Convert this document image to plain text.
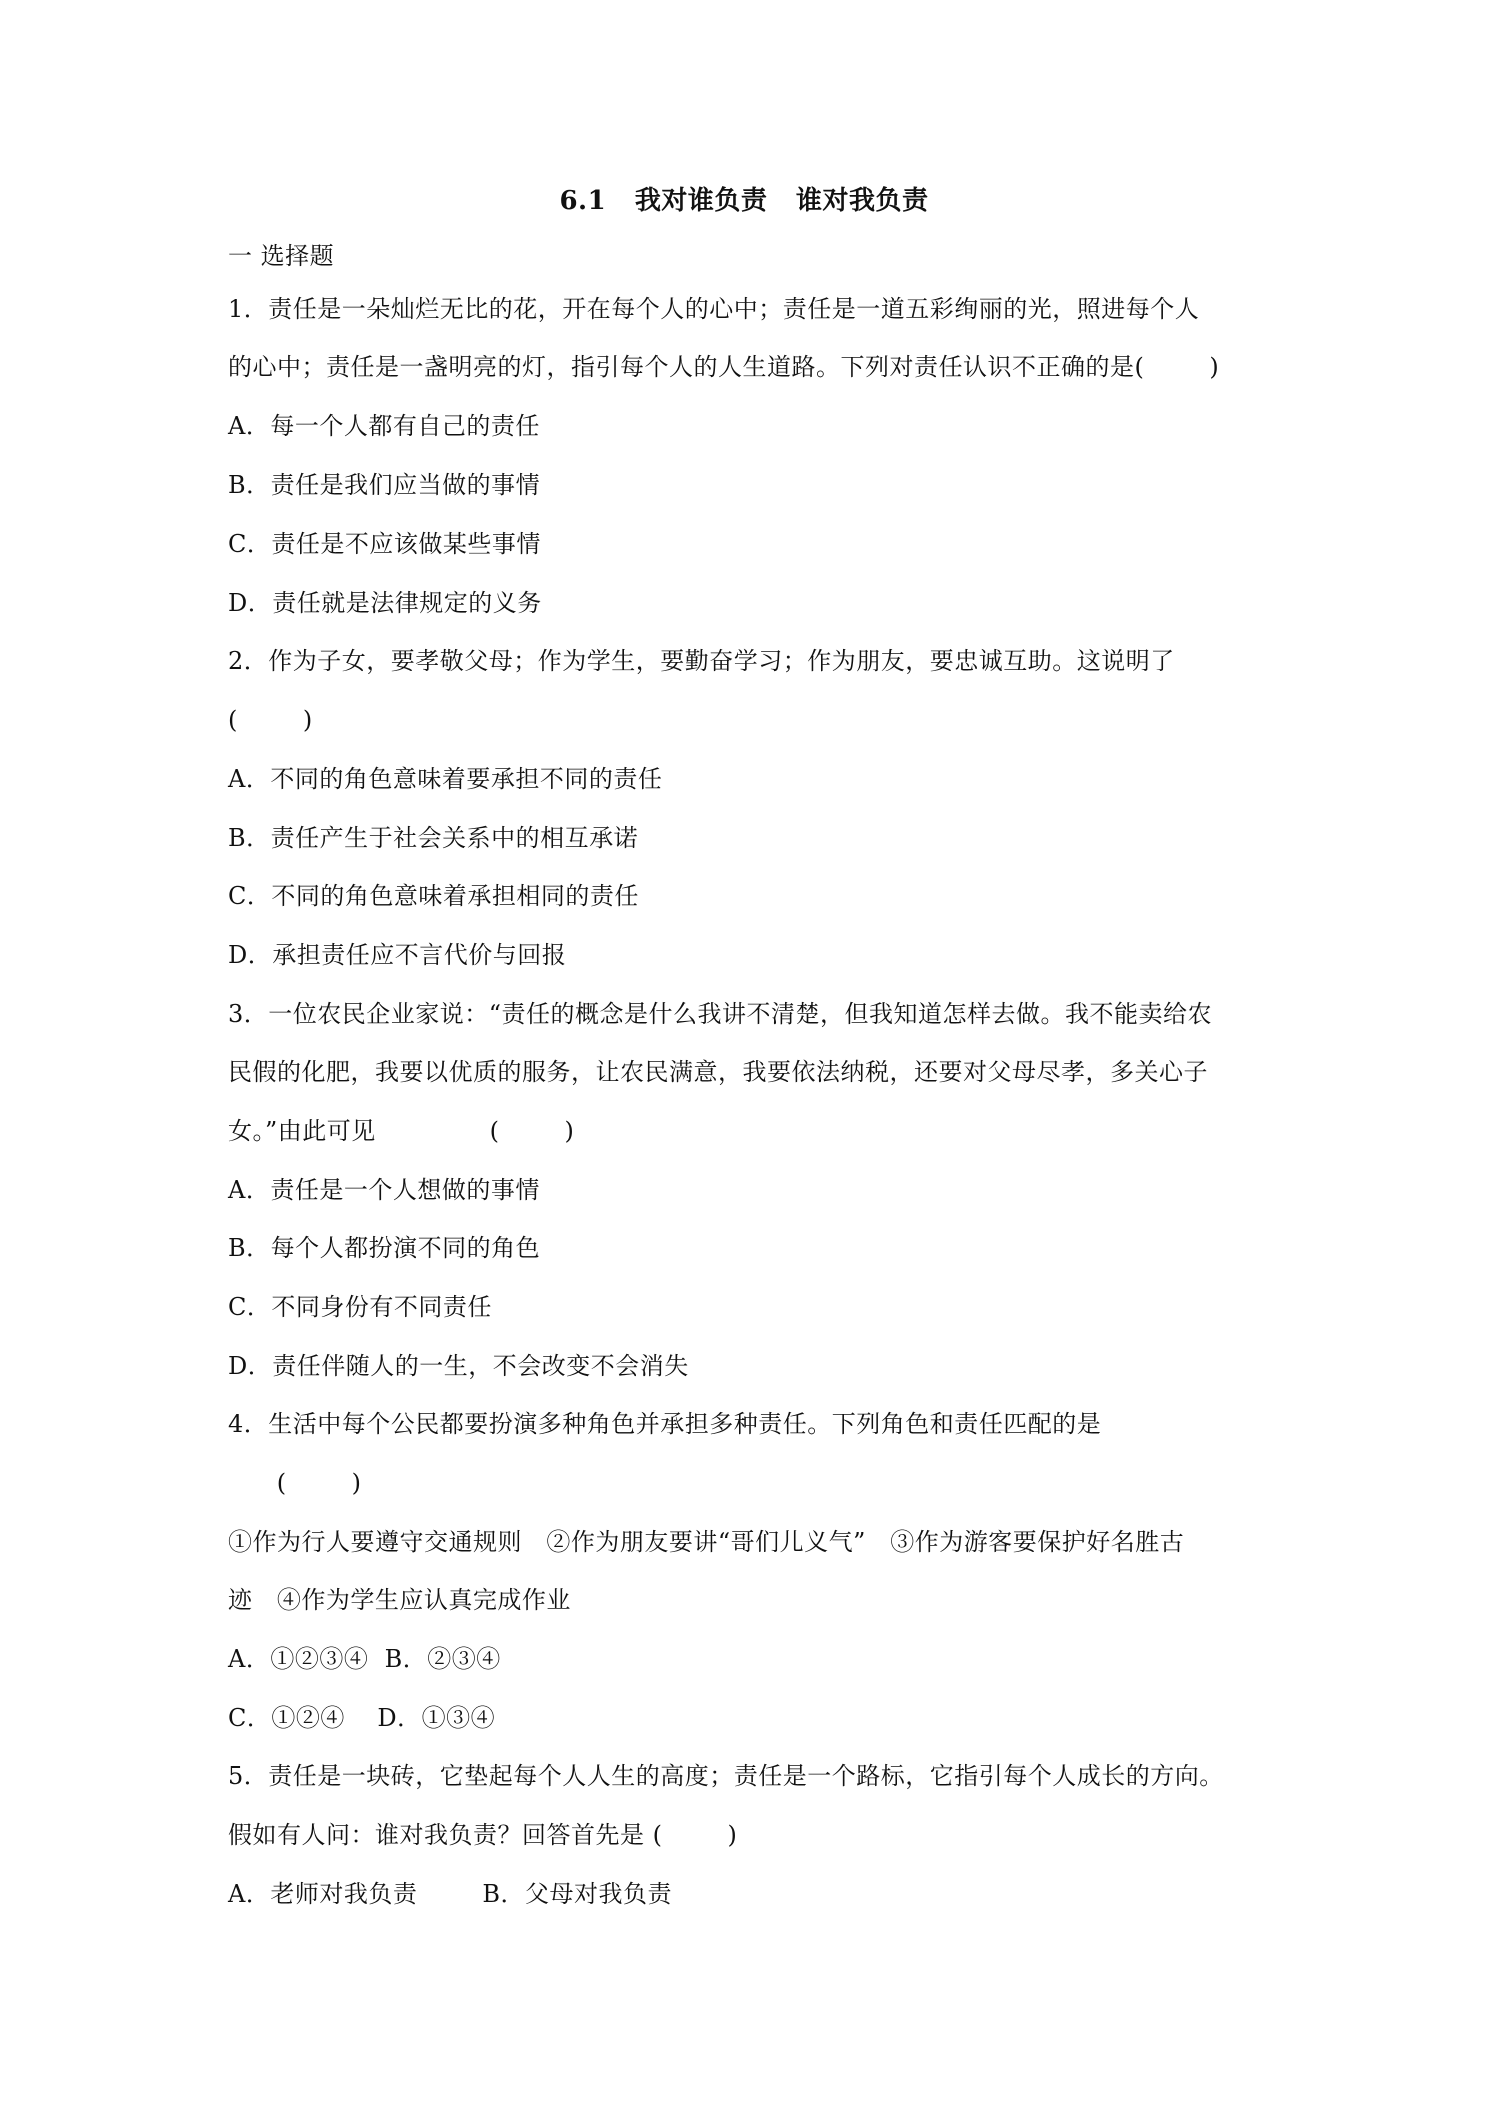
6.1   我对谁负责   谁对我负责
一 选择题
1．责任是一朵灿烂无比的花，开在每个人的心中；责任是一道五彩绚丽的光，照进每个人
的心中；责任是一盏明亮的灯，指引每个人的人生道路。下列对责任认识不正确的是(        )
A．每一个人都有自己的责任
B．责任是我们应当做的事情
C．责任是不应该做某些事情
D．责任就是法律规定的义务
2．作为子女，要孝敬父母；作为学生，要勤奋学习；作为朋友，要忠诚互助。这说明了
(        )
A．不同的角色意味着要承担不同的责任
B．责任产生于社会关系中的相互承诺
C．不同的角色意味着承担相同的责任
D．承担责任应不言代价与回报
3．一位农民企业家说：“责任的概念是什么我讲不清楚，但我知道怎样去做。我不能卖给农
民假的化肥，我要以优质的服务，让农民满意，我要依法纳税，还要对父母尽孝，多关心子
女。”由此可见              (        )
A．责任是一个人想做的事情
B．每个人都扮演不同的角色
C．不同身份有不同责任
D．责任伴随人的一生，不会改变不会消失
4．生活中每个公民都要扮演多种角色并承担多种责任。下列角色和责任匹配的是
(        )
①作为行人要遵守交通规则   ②作为朋友要讲“哥们儿义气”   ③作为游客要保护好名胜古
迹   ④作为学生应认真完成作业
A．①②③④  B．②③④
C．①②④    D．①③④
5．责任是一块砖，它垫起每个人人生的高度；责任是一个路标，它指引每个人成长的方向。
假如有人问：谁对我负责？回答首先是 (        )
A．老师对我负责        B．父母对我负责
